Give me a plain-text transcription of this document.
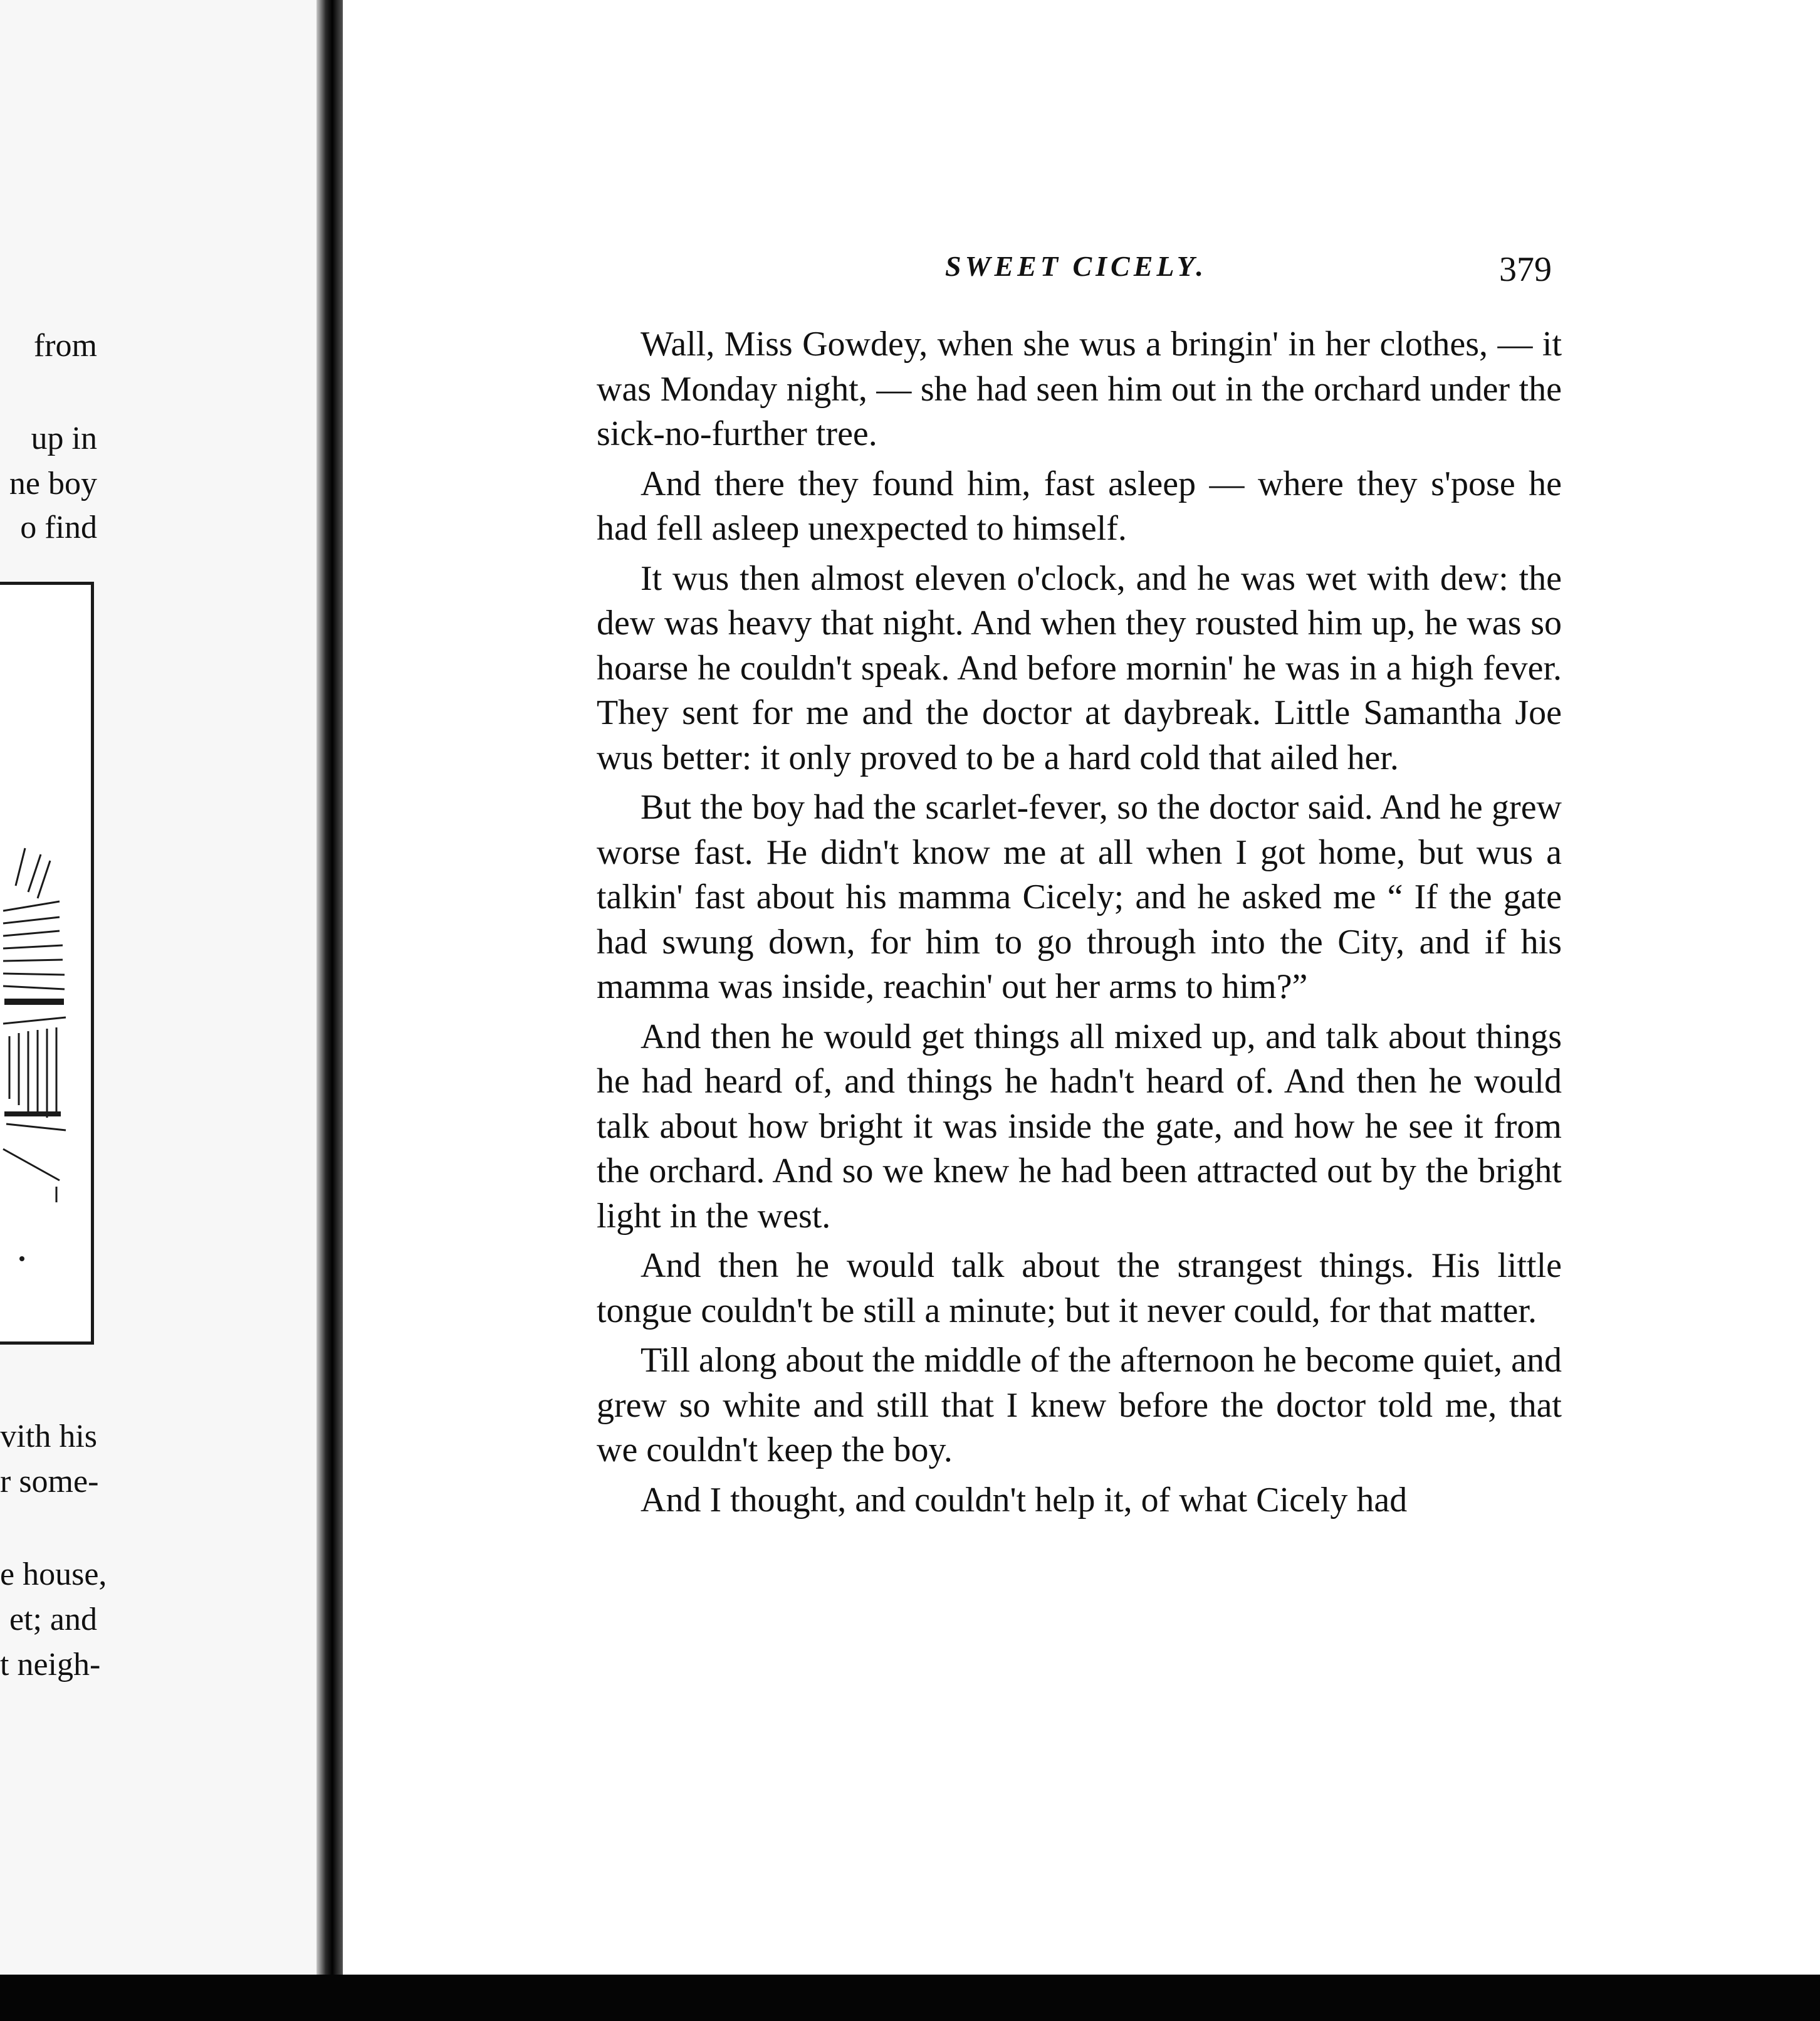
from
up in
ne boy
o find
vith his
r some-
e house,
et; and
t neigh-
SWEET CICELY.	379

Wall, Miss Gowdey, when she wus a bringin' in her clothes, — it was Monday night, — she had seen him out in the orchard under the sick-no-further tree.

And there they found him, fast asleep — where they s'pose he had fell asleep unexpected to himself.

It wus then almost eleven o'clock, and he was wet with dew: the dew was heavy that night. And when they rousted him up, he was so hoarse he couldn't speak. And before mornin' he was in a high fever. They sent for me and the doctor at daybreak. Little Samantha Joe wus better: it only proved to be a hard cold that ailed her.

But the boy had the scarlet-fever, so the doctor said. And he grew worse fast. He didn't know me at all when I got home, but wus a talkin' fast about his mamma Cicely; and he asked me “ If the gate had swung down, for him to go through into the City, and if his mamma was inside, reachin' out her arms to him?”

And then he would get things all mixed up, and talk about things he had heard of, and things he hadn't heard of. And then he would talk about how bright it was inside the gate, and how he see it from the orchard. And so we knew he had been attracted out by the bright light in the west.

And then he would talk about the strangest things. His little tongue couldn't be still a minute; but it never could, for that matter.

Till along about the middle of the afternoon he become quiet, and grew so white and still that I knew before the doctor told me, that we couldn't keep the boy.

And I thought, and couldn't help it, of what Cicely had
